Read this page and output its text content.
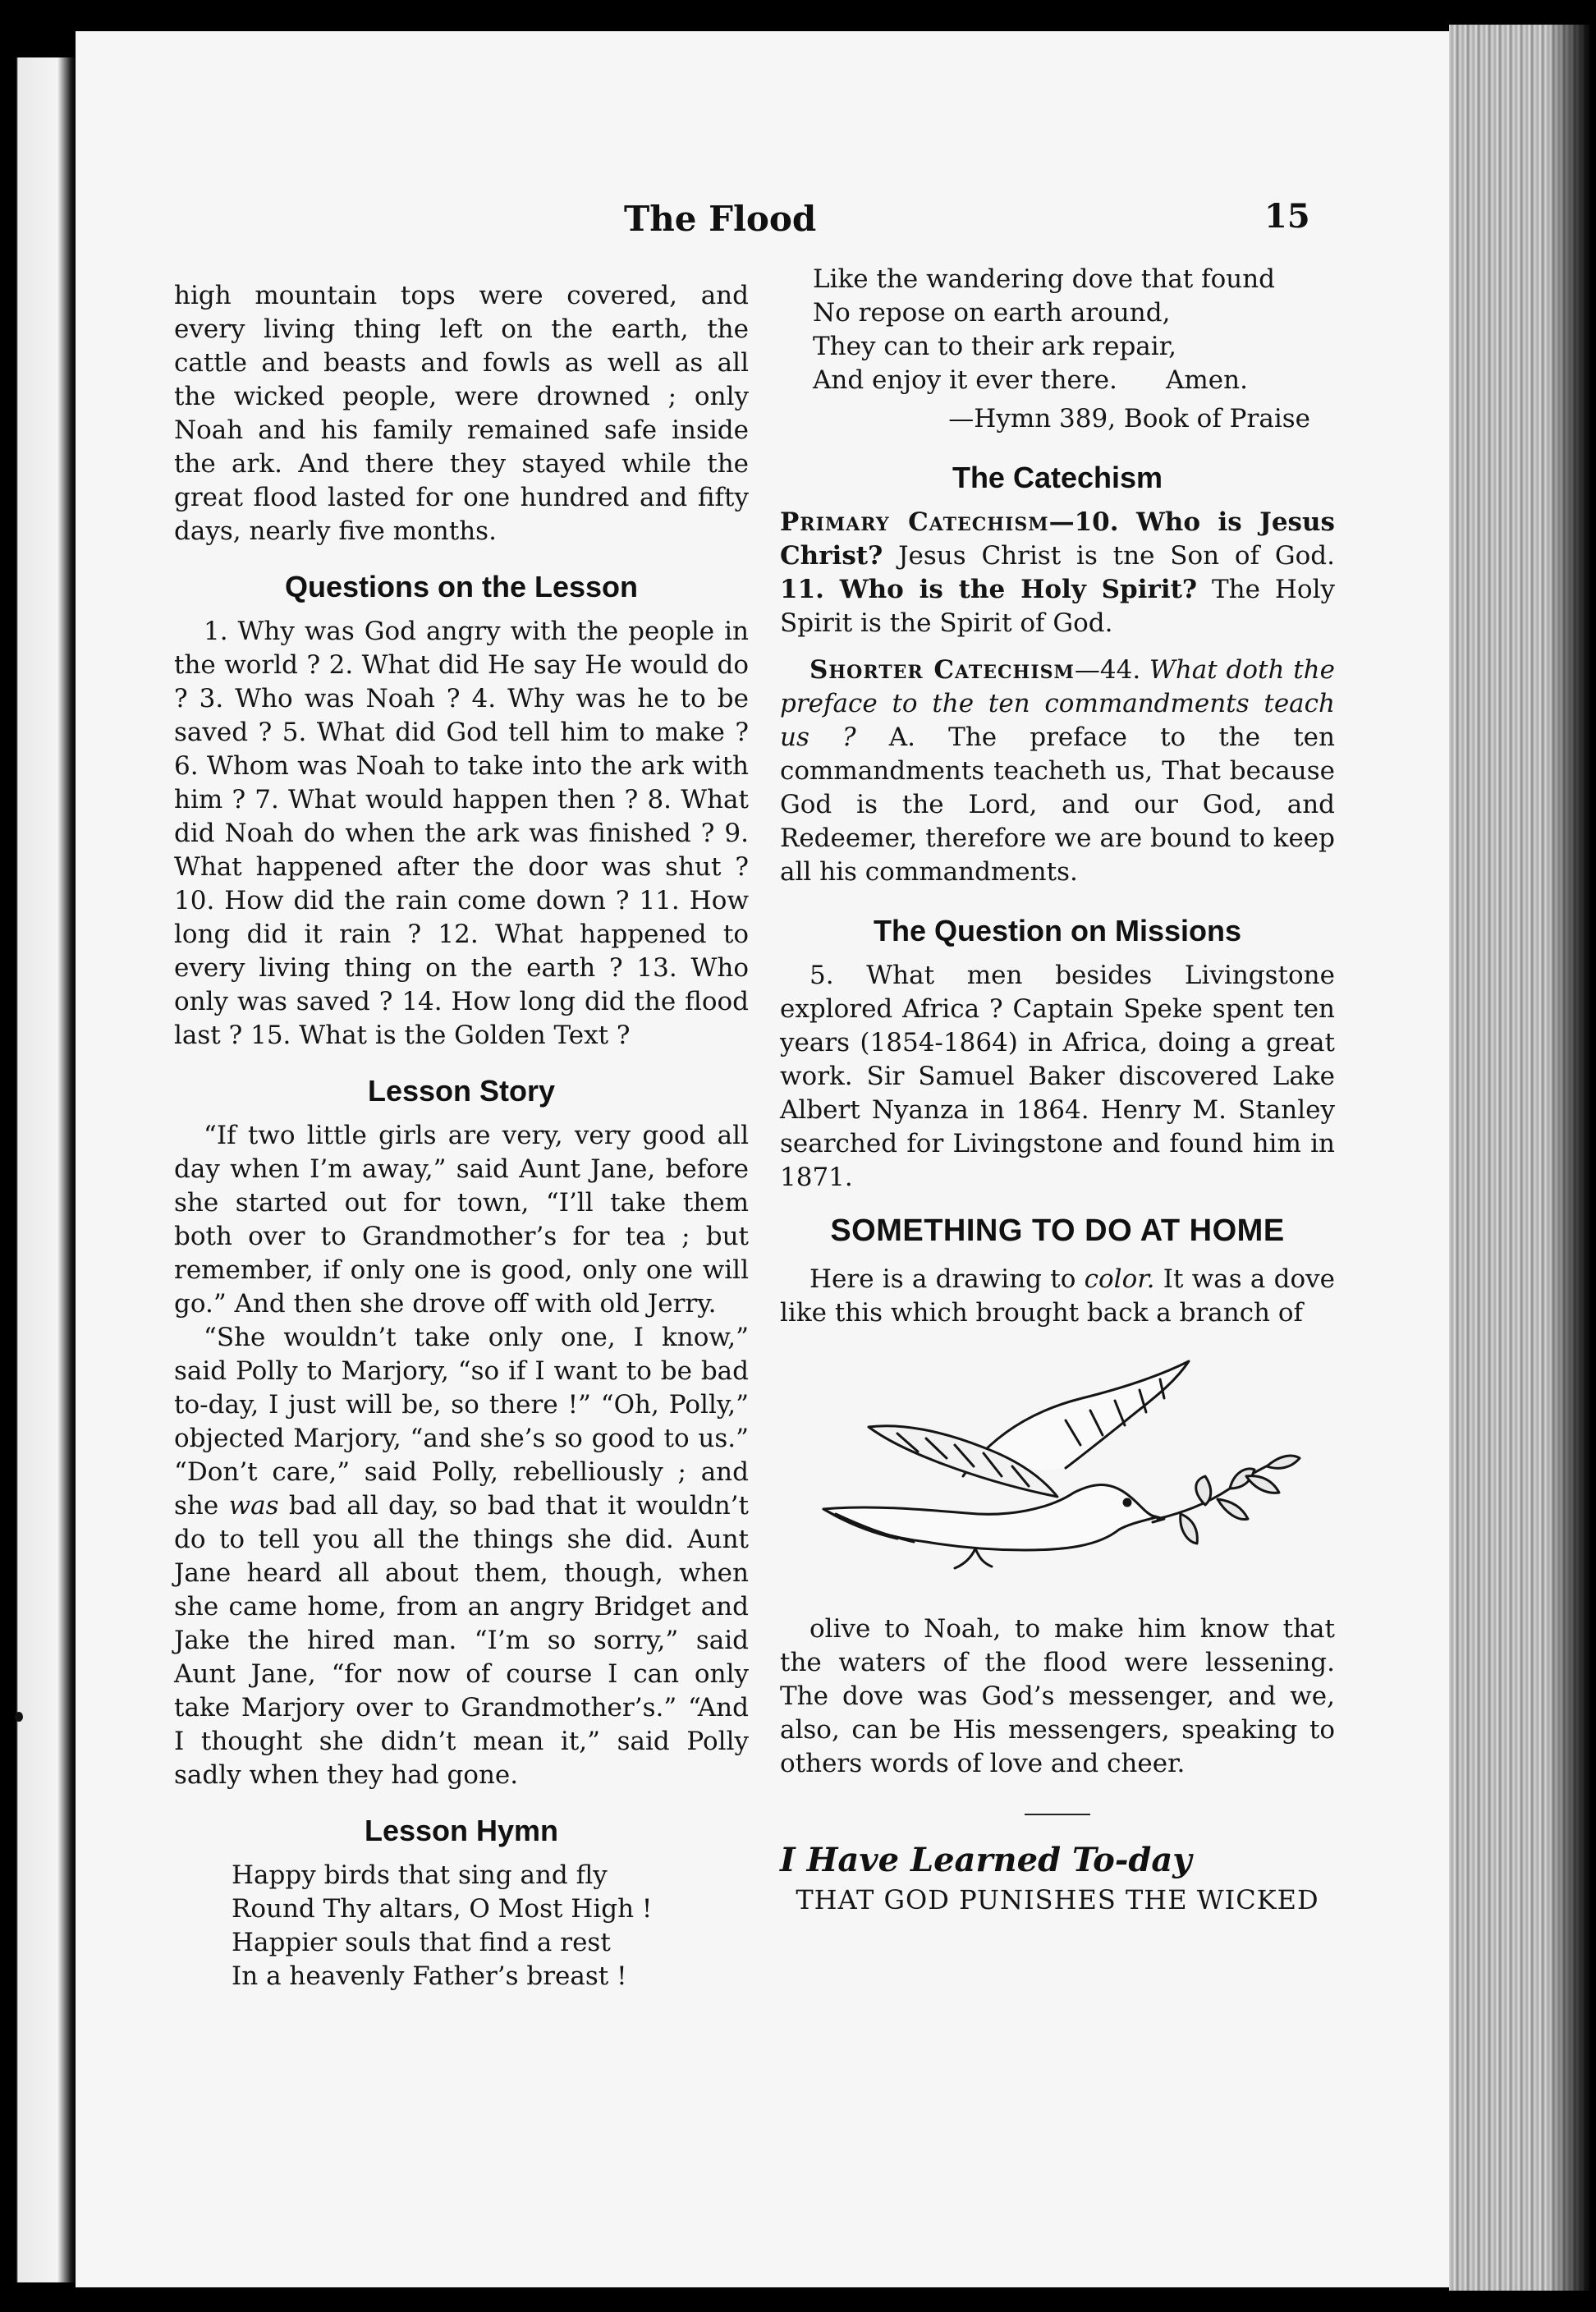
The Flood	15

high mountain tops were covered, and every living thing left on the earth, the cattle and beasts and fowls as well as all the wicked people, were drowned ; only Noah and his family remained safe inside the ark. And there they stayed while the great flood lasted for one hundred and fifty days, nearly five months.

Questions on the Lesson

1. Why was God angry with the people in the world ? 2. What did He say He would do ? 3. Who was Noah ? 4. Why was he to be saved ? 5. What did God tell him to make ? 6. Whom was Noah to take into the ark with him ? 7. What would happen then ? 8. What did Noah do when the ark was finished ? 9. What happened after the door was shut ? 10. How did the rain come down ? 11. How long did it rain ? 12. What happened to every living thing on the earth ? 13. Who only was saved ? 14. How long did the flood last ? 15. What is the Golden Text ?

Lesson Story

“If two little girls are very, very good all day when I’m away,” said Aunt Jane, before she started out for town, “I’ll take them both over to Grandmother’s for tea ; but remember, if only one is good, only one will go.” And then she drove off with old Jerry.

“She wouldn’t take only one, I know,” said Polly to Marjory, “so if I want to be bad to-day, I just will be, so there !” “Oh, Polly,” objected Marjory, “and she’s so good to us.” “Don’t care,” said Polly, rebelliously ; and she was bad all day, so bad that it wouldn’t do to tell you all the things she did. Aunt Jane heard all about them, though, when she came home, from an angry Bridget and Jake the hired man. “I’m so sorry,” said Aunt Jane, “for now of course I can only take Marjory over to Grandmother’s.” “And I thought she didn’t mean it,” said Polly sadly when they had gone.

Lesson Hymn

Happy birds that sing and fly

Round Thy altars, O Most High !

Happier souls that find a rest

In a heavenly Father’s breast !

Like the wandering dove that found

No repose on earth around,

They can to their ark repair,

And enjoy it ever there.      Amen.

—Hymn 389, Book of Praise

The Catechism

Primary Catechism—10. Who is Jesus Christ? Jesus Christ is tne Son of God. 11. Who is the Holy Spirit? The Holy Spirit is the Spirit of God.

Shorter Catechism—44. What doth the preface to the ten commandments teach us ? A. The preface to the ten commandments teacheth us, That because God is the Lord, and our God, and Redeemer, therefore we are bound to keep all his commandments.

The Question on Missions

5. What men besides Livingstone explored Africa ? Captain Speke spent ten years (1854-1864) in Africa, doing a great work. Sir Samuel Baker discovered Lake Albert Nyanza in 1864. Henry M. Stanley searched for Livingstone and found him in 1871.

SOMETHING TO DO AT HOME

Here is a drawing to color. It was a dove like this which brought back a branch of

olive to Noah, to make him know that the waters of the flood were lessening. The dove was God’s messenger, and we, also, can be His messengers, speaking to others words of love and cheer.

I Have Learned To-day

THAT GOD PUNISHES THE WICKED
